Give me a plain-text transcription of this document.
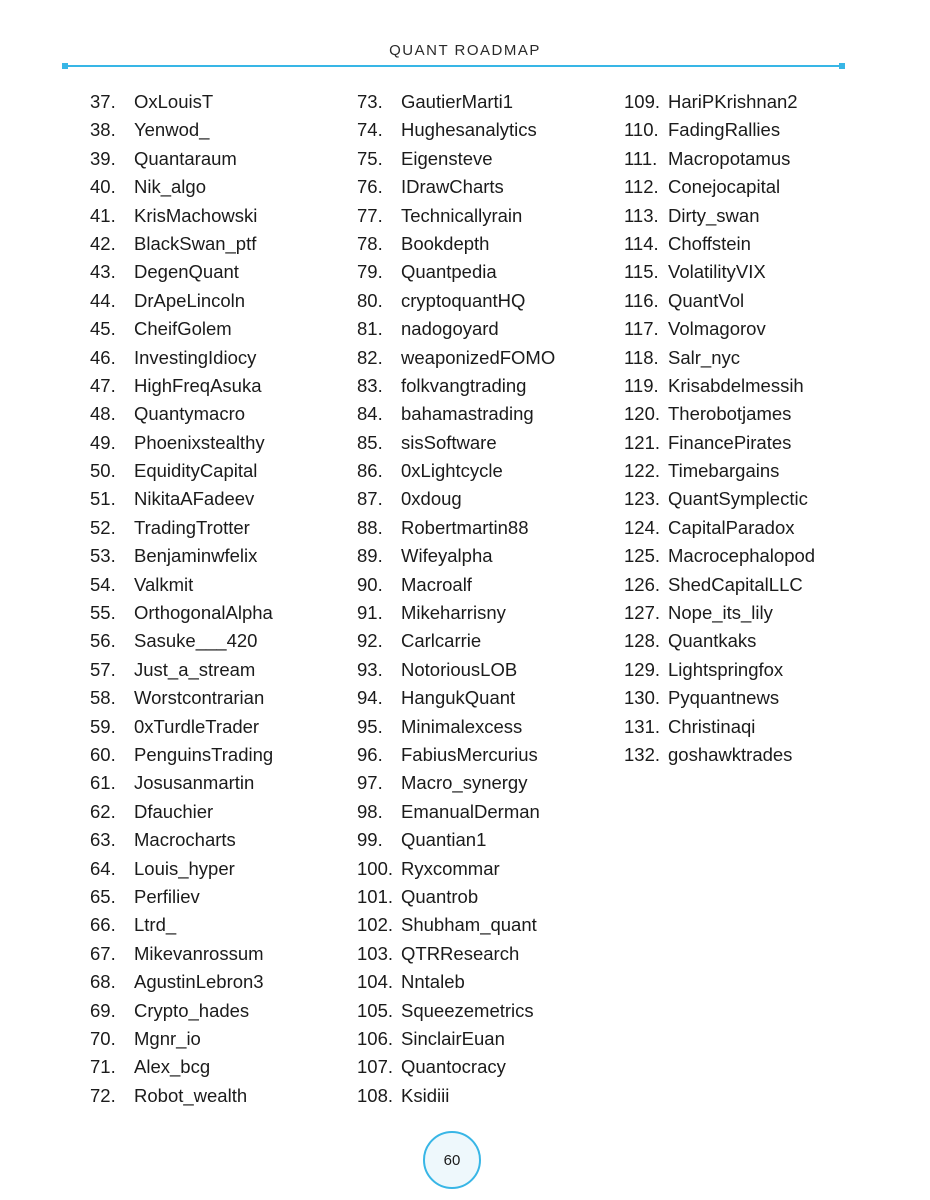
QUANT ROADMAP
37. OxLouisT
38. Yenwod_
39. Quantaraum
40. Nik_algo
41. KrisMachowski
42. BlackSwan_ptf
43. DegenQuant
44. DrApeLincoln
45. CheifGolem
46. InvestingIdiocy
47. HighFreqAsuka
48. Quantymacro
49. Phoenixstealthy
50. EquidityCapital
51. NikitaAFadeev
52. TradingTrotter
53. Benjaminwfelix
54. Valkmit
55. OrthogonalAlpha
56. Sasuke___420
57. Just_a_stream
58. Worstcontrarian
59. 0xTurdleTrader
60. PenguinsTrading
61. Josusanmartin
62. Dfauchier
63. Macrocharts
64. Louis_hyper
65. Perfiliev
66. Ltrd_
67. Mikevanrossum
68. AgustinLebron3
69. Crypto_hades
70. Mgnr_io
71. Alex_bcg
72. Robot_wealth
73. GautierMarti1
74. Hughesanalytics
75. Eigensteve
76. IDrawCharts
77. Technicallyrain
78. Bookdepth
79. Quantpedia
80. cryptoquantHQ
81. nadogoyard
82. weaponizedFOMO
83. folkvangtrading
84. bahamastrading
85. sisSoftware
86. 0xLightcycle
87. 0xdoug
88. Robertmartin88
89. Wifeyalpha
90. Macroalf
91. Mikeharrisny
92. Carlcarrie
93. NotoriousLOB
94. HangukQuant
95. Minimalexcess
96. FabiusMercurius
97. Macro_synergy
98. EmanualDerman
99. Quantian1
100. Ryxcommar
101. Quantrob
102. Shubham_quant
103. QTRResearch
104. Nntaleb
105. Squeezemetrics
106. SinclairEuan
107. Quantocracy
108. Ksidiii
109. HariPKrishnan2
110. FadingRallies
111. Macropotamus
112. Conejocapital
113. Dirty_swan
114. Choffstein
115. VolatilityVIX
116. QuantVol
117. Volmagorov
118. Salr_nyc
119. Krisabdelmessih
120. Therobotjames
121. FinancePirates
122. Timebargains
123. QuantSymplectic
124. CapitalParadox
125. Macrocephalopod
126. ShedCapitalLLC
127. Nope_its_lily
128. Quantkaks
129. Lightspringfox
130. Pyquantnews
131. Christinaqi
132. goshawktrades
60
